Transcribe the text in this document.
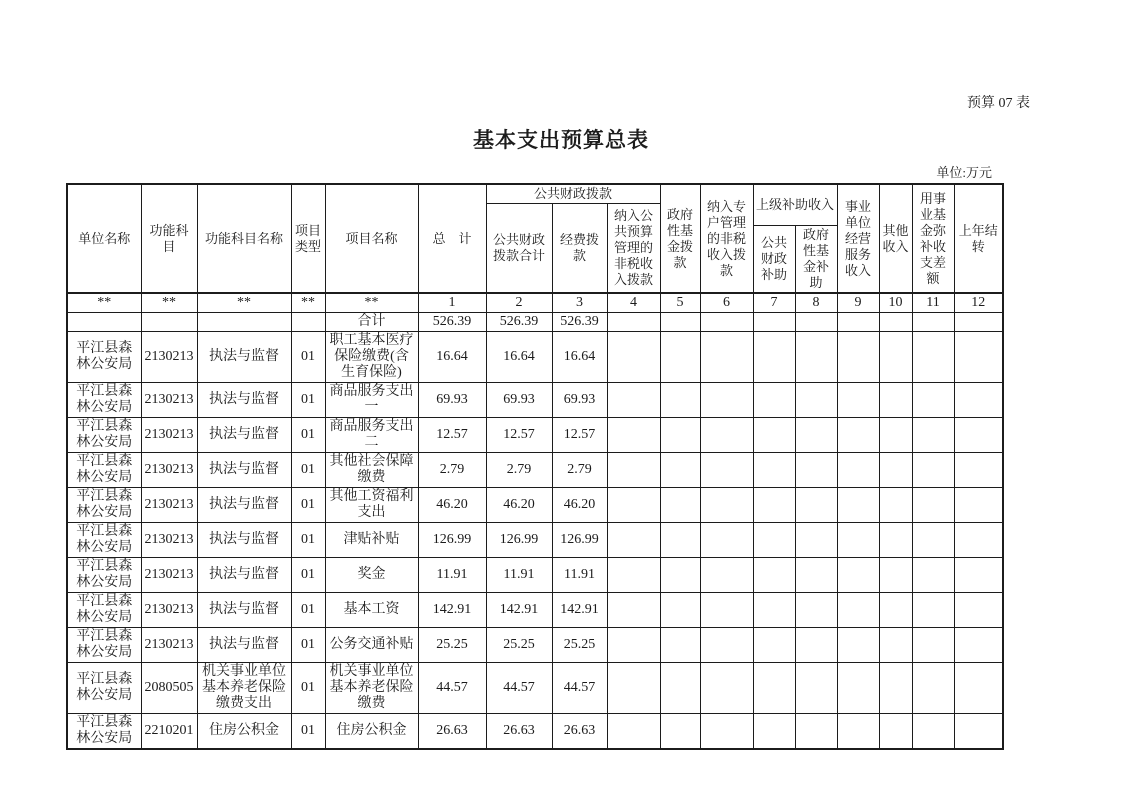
预算 07 表
基本支出预算总表
单位:万元
单位名称	功能科目	功能科目名称	项目类型	项目名称	总　计	公共财政拨款			政府性基金拨款	纳入专户管理的非税收入拨款	上级补助收入		事业单位经营服务收入	其他收入	用事业基金弥补收支差额	上年结转
						公共财政拨款合计	经费拨款	纳入公共预算管理的非税收入拨款								
											公共财政补助	政府性基金补助				
**	**	**	**	**	1	2	3	4	5	6	7	8	9	10	11	12
				合计	526.39	526.39	526.39									
平江县森林公安局	2130213	执法与监督	01	职工基本医疗保险缴费(含生育保险)	16.64	16.64	16.64									
平江县森林公安局	2130213	执法与监督	01	商品服务支出一	69.93	69.93	69.93									
平江县森林公安局	2130213	执法与监督	01	商品服务支出二	12.57	12.57	12.57									
平江县森林公安局	2130213	执法与监督	01	其他社会保障缴费	2.79	2.79	2.79									
平江县森林公安局	2130213	执法与监督	01	其他工资福利支出	46.20	46.20	46.20									
平江县森林公安局	2130213	执法与监督	01	津贴补贴	126.99	126.99	126.99									
平江县森林公安局	2130213	执法与监督	01	奖金	11.91	11.91	11.91									
平江县森林公安局	2130213	执法与监督	01	基本工资	142.91	142.91	142.91									
平江县森林公安局	2130213	执法与监督	01	公务交通补贴	25.25	25.25	25.25									
平江县森林公安局	2080505	机关事业单位基本养老保险缴费支出	01	机关事业单位基本养老保险缴费	44.57	44.57	44.57									
平江县森林公安局	2210201	住房公积金	01	住房公积金	26.63	26.63	26.63									
